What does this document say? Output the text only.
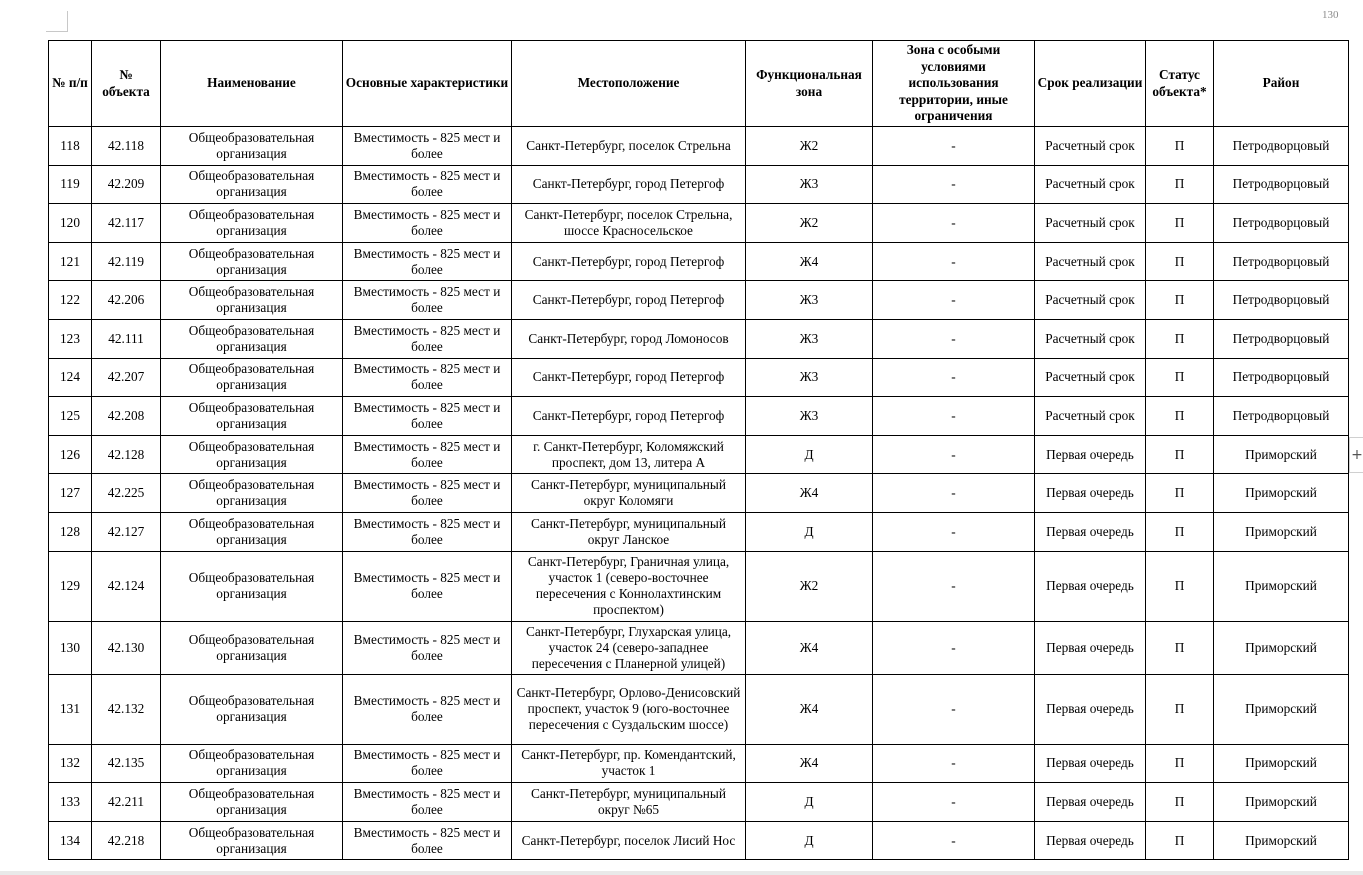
130
+
№ п/п	№ объекта	Наименование	Основные характеристики	Местоположение	Функциональная зона	Зона с особыми условиями использования территории, иные ограничения	Срок реализации	Статус объекта*	Район
118	42.118	Общеобразовательная организация	Вместимость - 825 мест и более	Санкт-Петербург, поселок Стрельна	Ж2	-	Расчетный срок	П	Петродворцовый
119	42.209	Общеобразовательная организация	Вместимость - 825 мест и более	Санкт-Петербург, город Петергоф	Ж3	-	Расчетный срок	П	Петродворцовый
120	42.117	Общеобразовательная организация	Вместимость - 825 мест и более	Санкт-Петербург, поселок Стрельна, шоссе Красносельское	Ж2	-	Расчетный срок	П	Петродворцовый
121	42.119	Общеобразовательная организация	Вместимость - 825 мест и более	Санкт-Петербург, город Петергоф	Ж4	-	Расчетный срок	П	Петродворцовый
122	42.206	Общеобразовательная организация	Вместимость - 825 мест и более	Санкт-Петербург, город Петергоф	Ж3	-	Расчетный срок	П	Петродворцовый
123	42.111	Общеобразовательная организация	Вместимость - 825 мест и более	Санкт-Петербург, город Ломоносов	Ж3	-	Расчетный срок	П	Петродворцовый
124	42.207	Общеобразовательная организация	Вместимость - 825 мест и более	Санкт-Петербург, город Петергоф	Ж3	-	Расчетный срок	П	Петродворцовый
125	42.208	Общеобразовательная организация	Вместимость - 825 мест и более	Санкт-Петербург, город Петергоф	Ж3	-	Расчетный срок	П	Петродворцовый
126	42.128	Общеобразовательная организация	Вместимость - 825 мест и более	г. Санкт-Петербург, Коломяжский проспект, дом 13, литера А	Д	-	Первая очередь	П	Приморский
127	42.225	Общеобразовательная организация	Вместимость - 825 мест и более	Санкт-Петербург, муниципальный округ Коломяги	Ж4	-	Первая очередь	П	Приморский
128	42.127	Общеобразовательная организация	Вместимость - 825 мест и более	Санкт-Петербург, муниципальный округ Ланское	Д	-	Первая очередь	П	Приморский
129	42.124	Общеобразовательная организация	Вместимость - 825 мест и более	Санкт-Петербург, Граничная улица, участок 1 (северо-восточнее пересечения с Коннолахтинским проспектом)	Ж2	-	Первая очередь	П	Приморский
130	42.130	Общеобразовательная организация	Вместимость - 825 мест и более	Санкт-Петербург, Глухарская улица, участок 24 (северо-западнее пересечения с Планерной улицей)	Ж4	-	Первая очередь	П	Приморский
131	42.132	Общеобразовательная организация	Вместимость - 825 мест и более	Санкт-Петербург, Орлово-Денисовский проспект, участок 9 (юго-восточнее пересечения с Суздальским шоссе)	Ж4	-	Первая очередь	П	Приморский
132	42.135	Общеобразовательная организация	Вместимость - 825 мест и более	Санкт-Петербург, пр. Комендантский, участок 1	Ж4	-	Первая очередь	П	Приморский
133	42.211	Общеобразовательная организация	Вместимость - 825 мест и более	Санкт-Петербург, муниципальный округ №65	Д	-	Первая очередь	П	Приморский
134	42.218	Общеобразовательная организация	Вместимость - 825 мест и более	Санкт-Петербург, поселок Лисий Нос	Д	-	Первая очередь	П	Приморский
